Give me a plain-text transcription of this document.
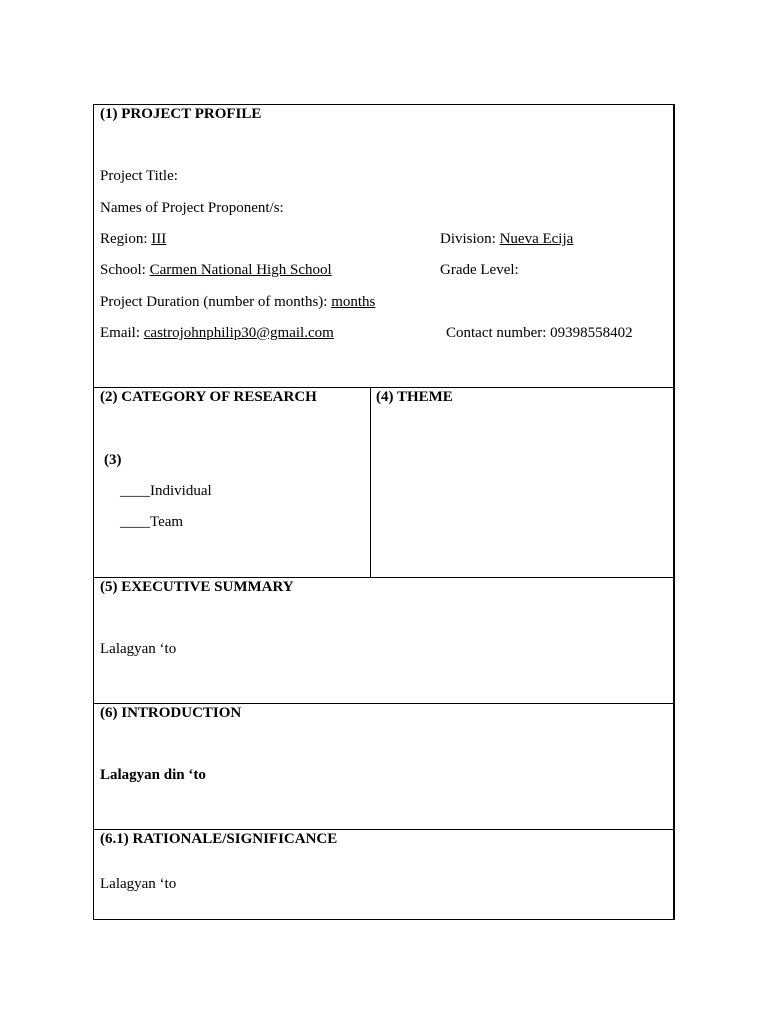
(1) PROJECT PROFILE
Project Title:
Names of Project Proponent/s:
Region: III	Division: Nueva Ecija
School: Carmen National High School	Grade Level:
Project Duration (number of months): months
Email: castrojohnphilip30@gmail.com	Contact number: 09398558402
(2) CATEGORY OF RESEARCH
(3)
____Individual
____Team
(4) THEME
(5) EXECUTIVE SUMMARY
Lalagyan ‘to
(6) INTRODUCTION
Lalagyan din ‘to
(6.1) RATIONALE/SIGNIFICANCE
Lalagyan ‘to
